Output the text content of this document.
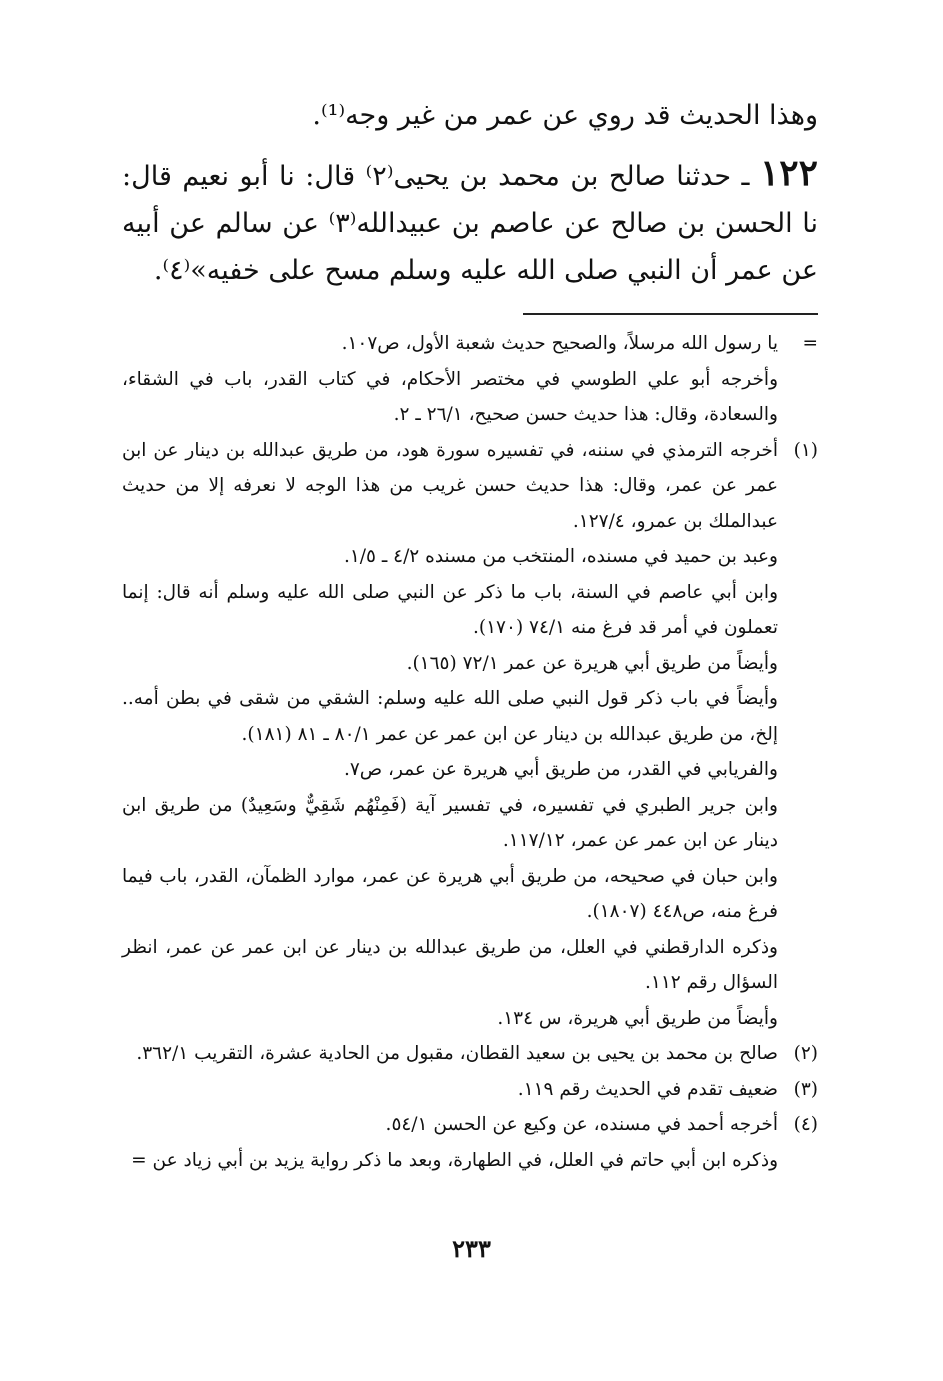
وهذا الحديث قد روي عن عمر من غير وجه⁽¹⁾.
١٢٢ ـ حدثنا صالح بن محمد بن يحيى⁽٢⁾ قال: نا أبو نعيم قال: نا الحسن بن صالح عن عاصم بن عبيدالله⁽٣⁾ عن سالم عن أبيه عن عمر أن النبي صلى الله عليه وسلم مسح على خفيه»⁽٤⁾.
=
يا رسول الله مرسلاً، والصحيح حديث شعبة الأول، ص١٠٧.
وأخرجه أبو علي الطوسي في مختصر الأحكام، في كتاب القدر، باب في الشقاء، والسعادة، وقال: هذا حديث حسن صحيح، ٢٦/١ ـ ٢.
(١)
أخرجه الترمذي في سننه، في تفسيره سورة هود، من طريق عبدالله بن دينار عن ابن عمر عن عمر، وقال: هذا حديث حسن غريب من هذا الوجه لا نعرفه إلا من حديث عبدالملك بن عمرو، ١٢٧/٤.
وعبد بن حميد في مسنده، المنتخب من مسنده ٤/٢ ـ ١/٥.
وابن أبي عاصم في السنة، باب ما ذكر عن النبي صلى الله عليه وسلم أنه قال: إنما تعملون في أمر قد فرغ منه ٧٤/١ (١٧٠).
وأيضاً من طريق أبي هريرة عن عمر ٧٢/١ (١٦٥).
وأيضاً في باب ذكر قول النبي صلى الله عليه وسلم: الشقي من شقى في بطن أمه.. إلخ، من طريق عبدالله بن دينار عن ابن عمر عن عمر ٨٠/١ ـ ٨١ (١٨١).
والفريابي في القدر، من طريق أبي هريرة عن عمر، ص٧.
وابن جرير الطبري في تفسيره، في تفسير آية (فَمِنْهُم شَقِيٌّ وسَعِيدٌ) من طريق ابن دينار عن ابن عمر عن عمر، ١١٧/١٢.
وابن حبان في صحيحه، من طريق أبي هريرة عن عمر، موارد الظمآن، القدر، باب فيما فرغ منه، ص٤٤٨ (١٨٠٧).
وذكره الدارقطني في العلل، من طريق عبدالله بن دينار عن ابن عمر عن عمر، انظر السؤال رقم ١١٢.
وأيضاً من طريق أبي هريرة، س ١٣٤.
(٢)
صالح بن محمد بن يحيى بن سعيد القطان، مقبول من الحادية عشرة، التقريب ٣٦٢/١.
(٣)
ضعيف تقدم في الحديث رقم ١١٩.
(٤)
أخرجه أحمد في مسنده، عن وكيع عن الحسن ٥٤/١.
وذكره ابن أبي حاتم في العلل، في الطهارة، وبعد ما ذكر رواية يزيد بن أبي زياد عن =
٢٣٣
